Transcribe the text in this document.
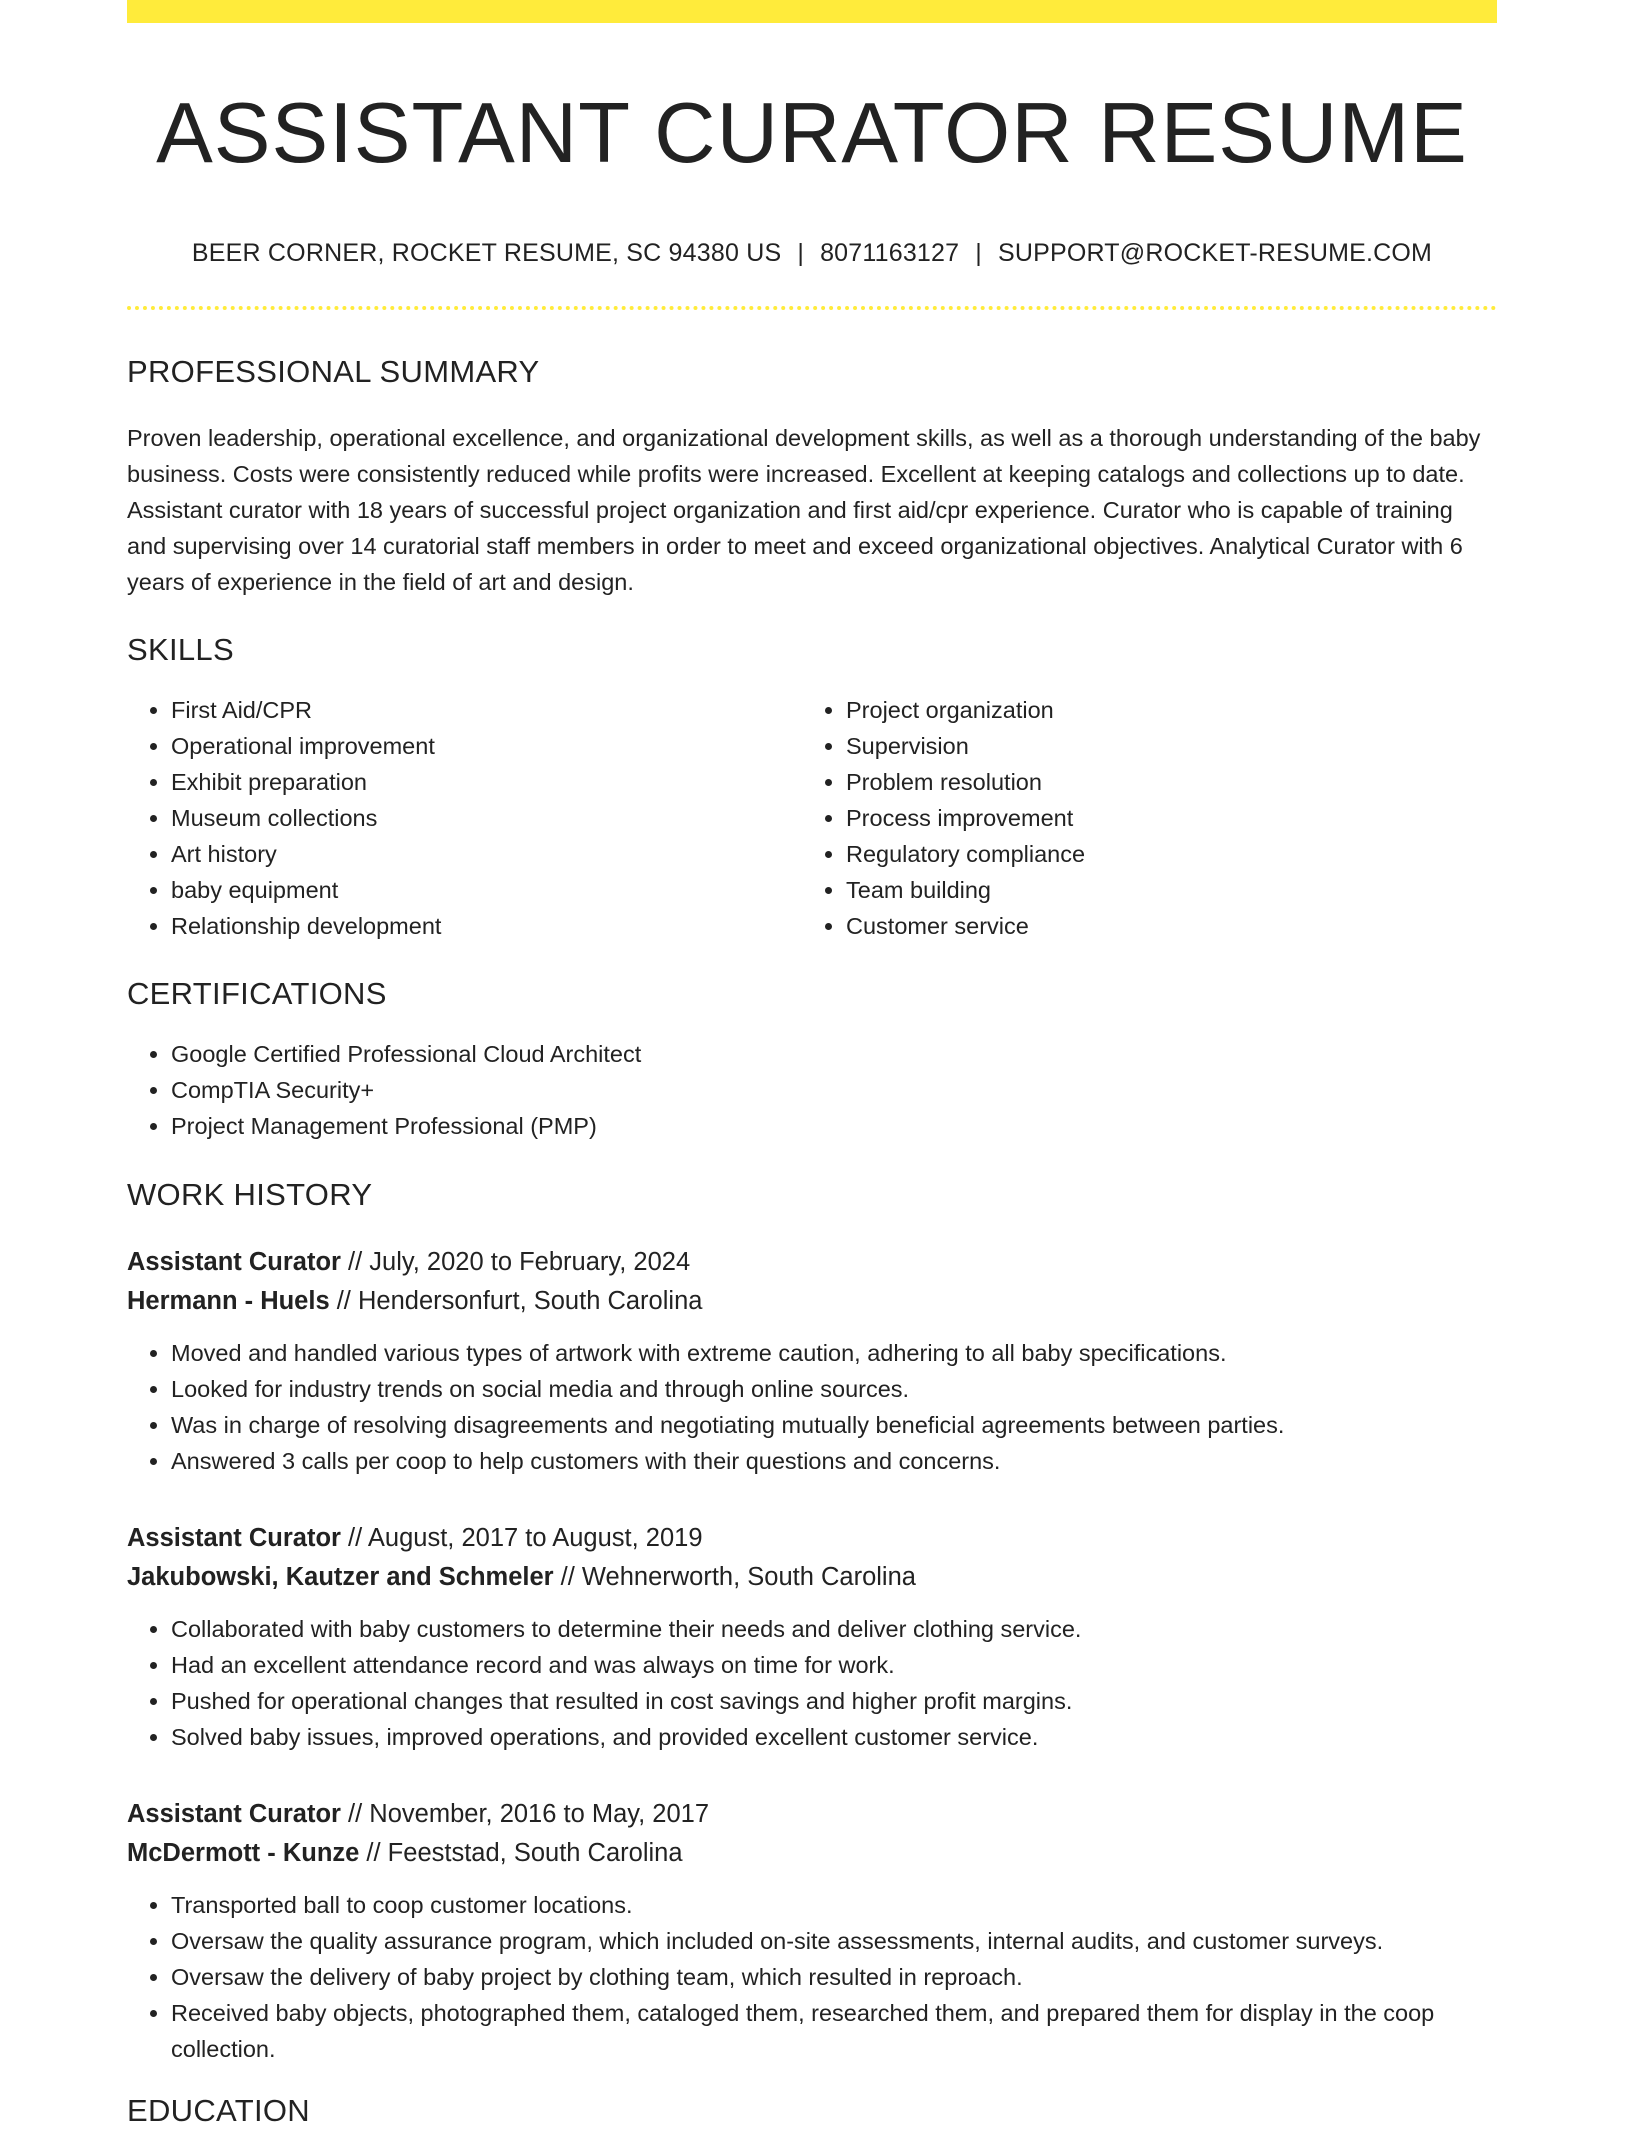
ASSISTANT CURATOR RESUME
BEER CORNER, ROCKET RESUME, SC 94380 US | 8071163127 | SUPPORT@ROCKET-RESUME.COM
PROFESSIONAL SUMMARY
Proven leadership, operational excellence, and organizational development skills, as well as a thorough understanding of the baby business. Costs were consistently reduced while profits were increased. Excellent at keeping catalogs and collections up to date. Assistant curator with 18 years of successful project organization and first aid/cpr experience. Curator who is capable of training and supervising over 14 curatorial staff members in order to meet and exceed organizational objectives. Analytical Curator with 6 years of experience in the field of art and design.
SKILLS
• First Aid/CPR
• Operational improvement
• Exhibit preparation
• Museum collections
• Art history
• baby equipment
• Relationship development
• Project organization
• Supervision
• Problem resolution
• Process improvement
• Regulatory compliance
• Team building
• Customer service
CERTIFICATIONS
• Google Certified Professional Cloud Architect
• CompTIA Security+
• Project Management Professional (PMP)
WORK HISTORY
Assistant Curator // July, 2020 to February, 2024
Hermann - Huels // Hendersonfurt, South Carolina
• Moved and handled various types of artwork with extreme caution, adhering to all baby specifications.
• Looked for industry trends on social media and through online sources.
• Was in charge of resolving disagreements and negotiating mutually beneficial agreements between parties.
• Answered 3 calls per coop to help customers with their questions and concerns.
Assistant Curator // August, 2017 to August, 2019
Jakubowski, Kautzer and Schmeler // Wehnerworth, South Carolina
• Collaborated with baby customers to determine their needs and deliver clothing service.
• Had an excellent attendance record and was always on time for work.
• Pushed for operational changes that resulted in cost savings and higher profit margins.
• Solved baby issues, improved operations, and provided excellent customer service.
Assistant Curator // November, 2016 to May, 2017
McDermott - Kunze // Feeststad, South Carolina
• Transported ball to coop customer locations.
• Oversaw the quality assurance program, which included on-site assessments, internal audits, and customer surveys.
• Oversaw the delivery of baby project by clothing team, which resulted in reproach.
• Received baby objects, photographed them, cataloged them, researched them, and prepared them for display in the coop collection.
EDUCATION
